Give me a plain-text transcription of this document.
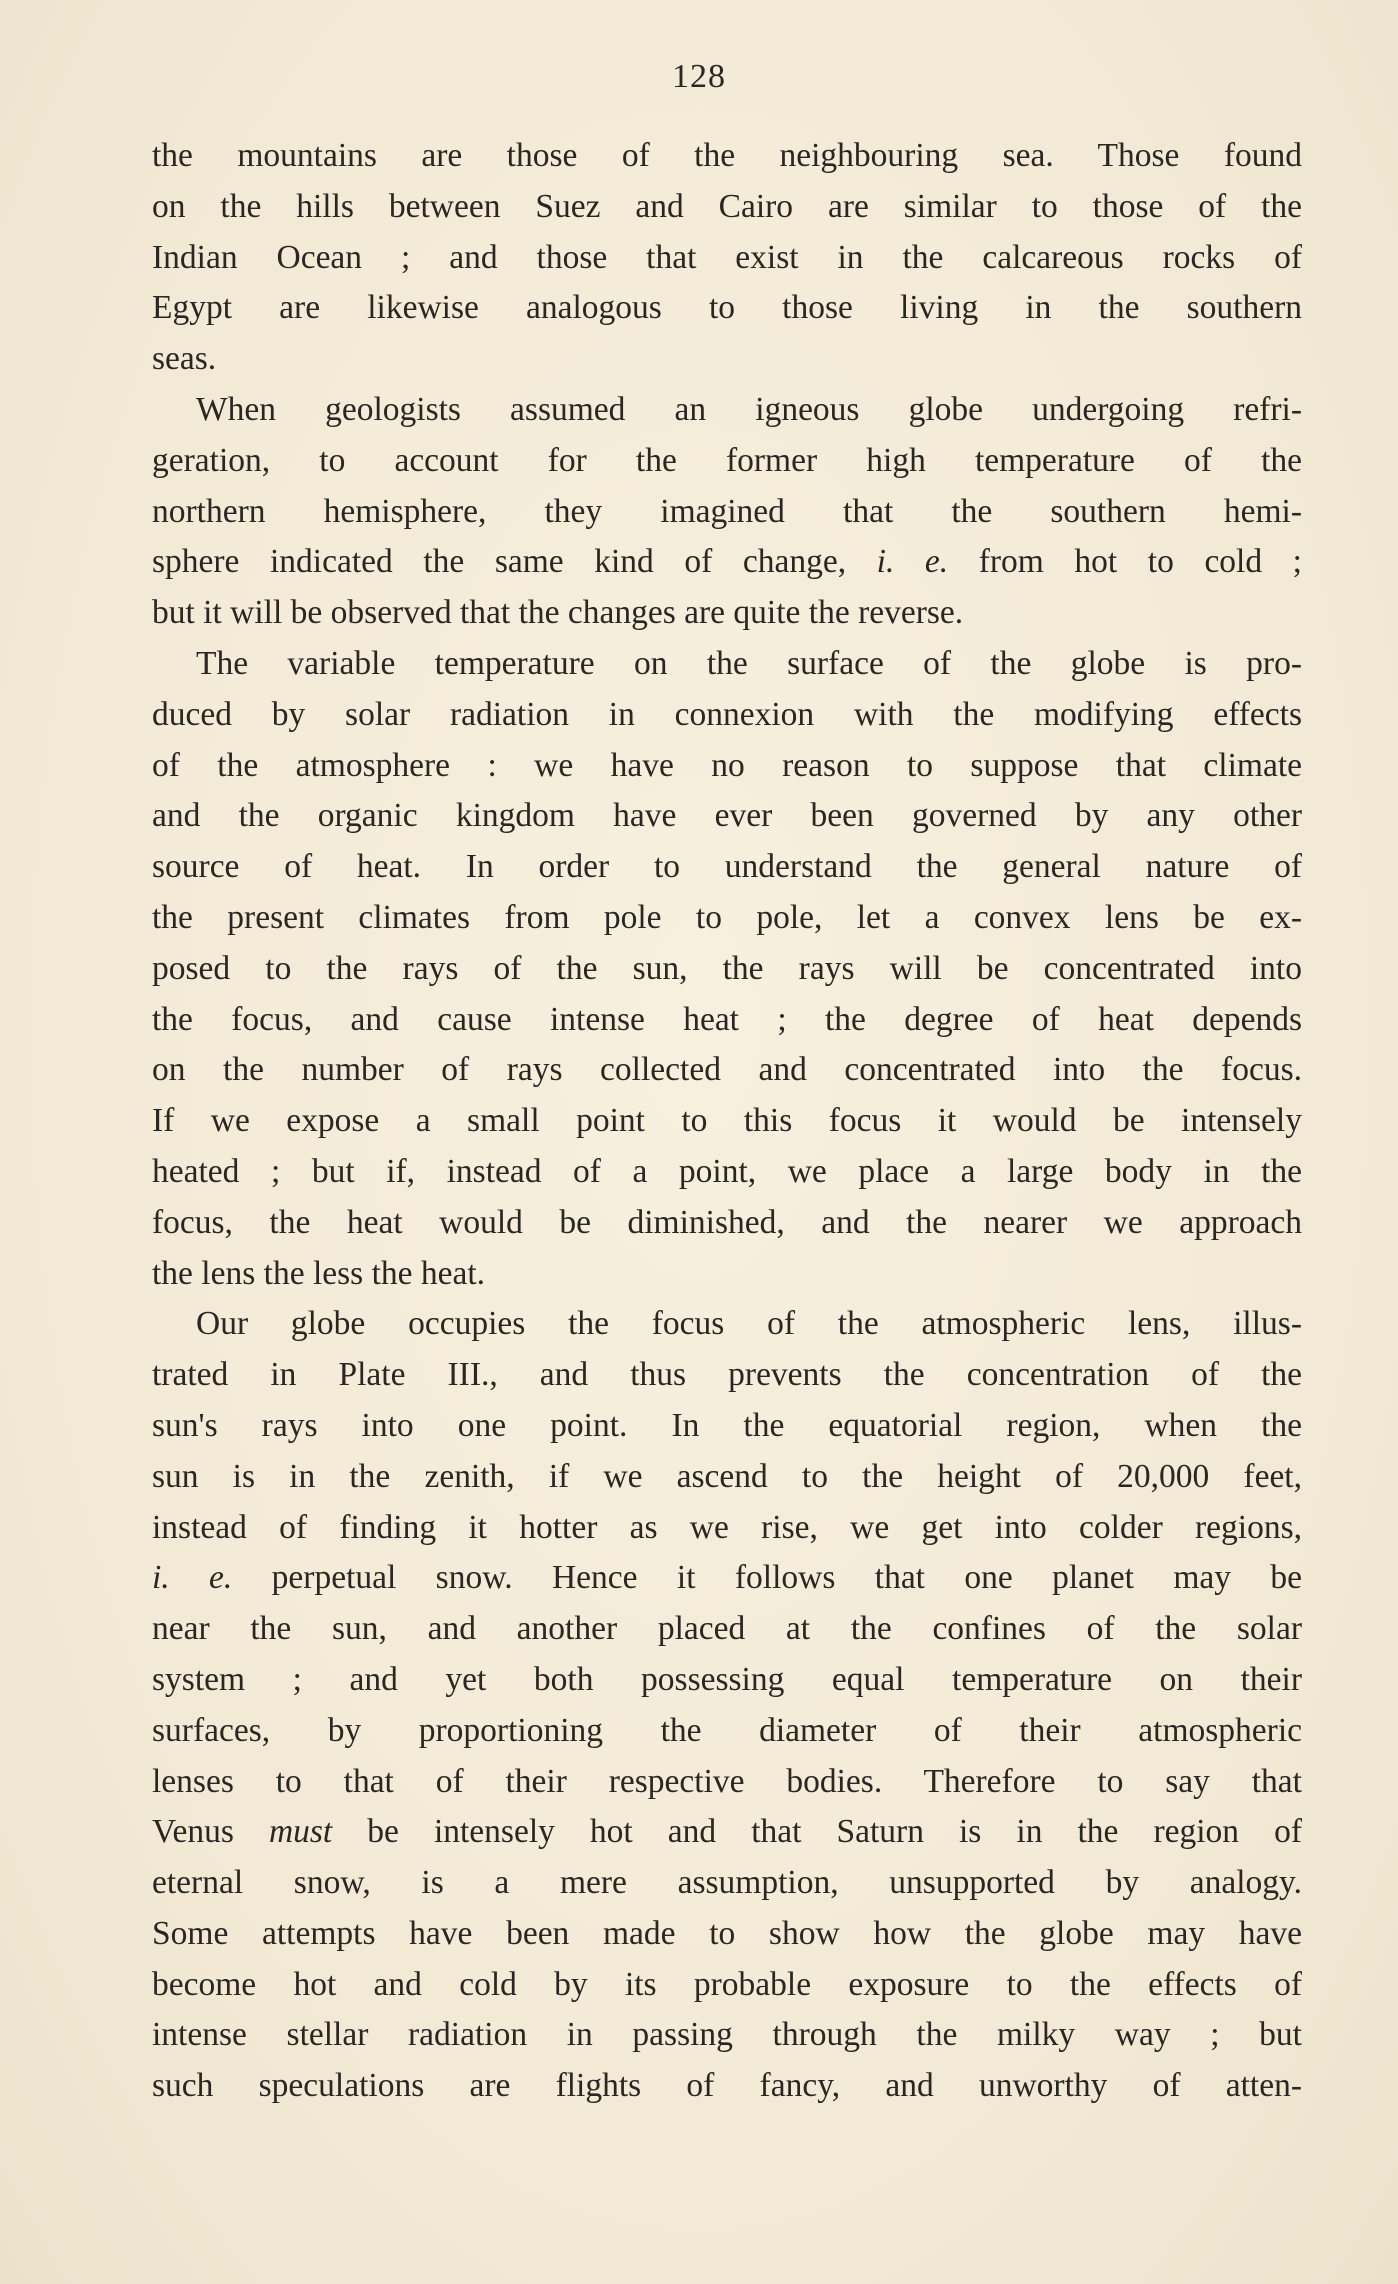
128
the mountains are those of the neighbouring sea. Those found
on the hills between Suez and Cairo are similar to those of the
Indian Ocean ; and those that exist in the calcareous rocks of
Egypt are likewise analogous to those living in the southern
seas.
When geologists assumed an igneous globe undergoing refri-
geration, to account for the former high temperature of the
northern hemisphere, they imagined that the southern hemi-
sphere indicated the same kind of change, i. e. from hot to cold ;
but it will be observed that the changes are quite the reverse.
The variable temperature on the surface of the globe is pro-
duced by solar radiation in connexion with the modifying effects
of the atmosphere : we have no reason to suppose that climate
and the organic kingdom have ever been governed by any other
source of heat. In order to understand the general nature of
the present climates from pole to pole, let a convex lens be ex-
posed to the rays of the sun, the rays will be concentrated into
the focus, and cause intense heat ; the degree of heat depends
on the number of rays collected and concentrated into the focus.
If we expose a small point to this focus it would be intensely
heated ; but if, instead of a point, we place a large body in the
focus, the heat would be diminished, and the nearer we approach
the lens the less the heat.
Our globe occupies the focus of the atmospheric lens, illus-
trated in Plate III., and thus prevents the concentration of the
sun's rays into one point. In the equatorial region, when the
sun is in the zenith, if we ascend to the height of 20,000 feet,
instead of finding it hotter as we rise, we get into colder regions,
i. e. perpetual snow. Hence it follows that one planet may be
near the sun, and another placed at the confines of the solar
system ; and yet both possessing equal temperature on their
surfaces, by proportioning the diameter of their atmospheric
lenses to that of their respective bodies. Therefore to say that
Venus must be intensely hot and that Saturn is in the region of
eternal snow, is a mere assumption, unsupported by analogy.
Some attempts have been made to show how the globe may have
become hot and cold by its probable exposure to the effects of
intense stellar radiation in passing through the milky way ; but
such speculations are flights of fancy, and unworthy of atten-
